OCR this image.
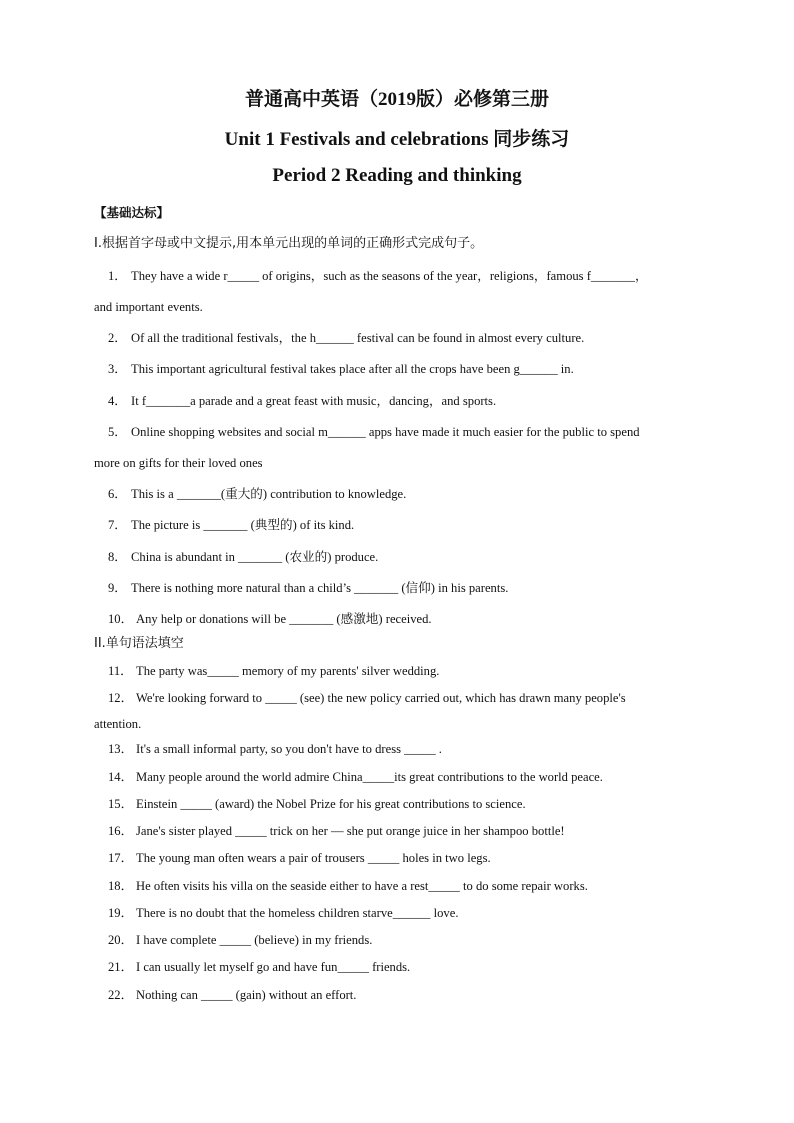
普通高中英语（2019版）必修第三册
Unit 1 Festivals and celebrations 同步练习
Period 2 Reading and thinking
【基础达标】
I.根据首字母或中文提示,用本单元出现的单词的正确形式完成句子。
1． They have a wide r_____ of origins，such as the seasons of the year，religions，famous f_______，
and important events.
2． Of all the traditional festivals，the h______ festival can be found in almost every culture.
3． This important agricultural festival takes place after all the crops have been g______ in.
4． It f_______a parade and a great feast with music，dancing，and sports.
5． Online shopping websites and social m______ apps have made it much easier for the public to spend
more on gifts for their loved ones
6． This is a _______(重大的) contribution to knowledge.
7． The picture is _______ (典型的) of its kind.
8． China is abundant in _______ (农业的) produce.
9． There is nothing more natural than a child’s _______ (信仰) in his parents.
10． Any help or donations will be _______ (感激地) received.
II.单句语法填空
11． The party was_____ memory of my parents' silver wedding.
12． We're looking forward to _____ (see) the new policy carried out, which has drawn many people's
attention.
13． It's a small informal party, so you don't have to dress _____ .
14． Many people around the world admire China_____its great contributions to the world peace.
15． Einstein _____ (award) the Nobel Prize for his great contributions to science.
16． Jane's sister played _____ trick on her — she put orange juice in her shampoo bottle!
17． The young man often wears a pair of trousers _____ holes in two legs.
18． He often visits his villa on the seaside either to have a rest_____ to do some repair works.
19． There is no doubt that the homeless children starve______ love.
20． I have complete _____ (believe) in my friends.
21． I can usually let myself go and have fun_____ friends.
22． Nothing can _____ (gain) without an effort.
